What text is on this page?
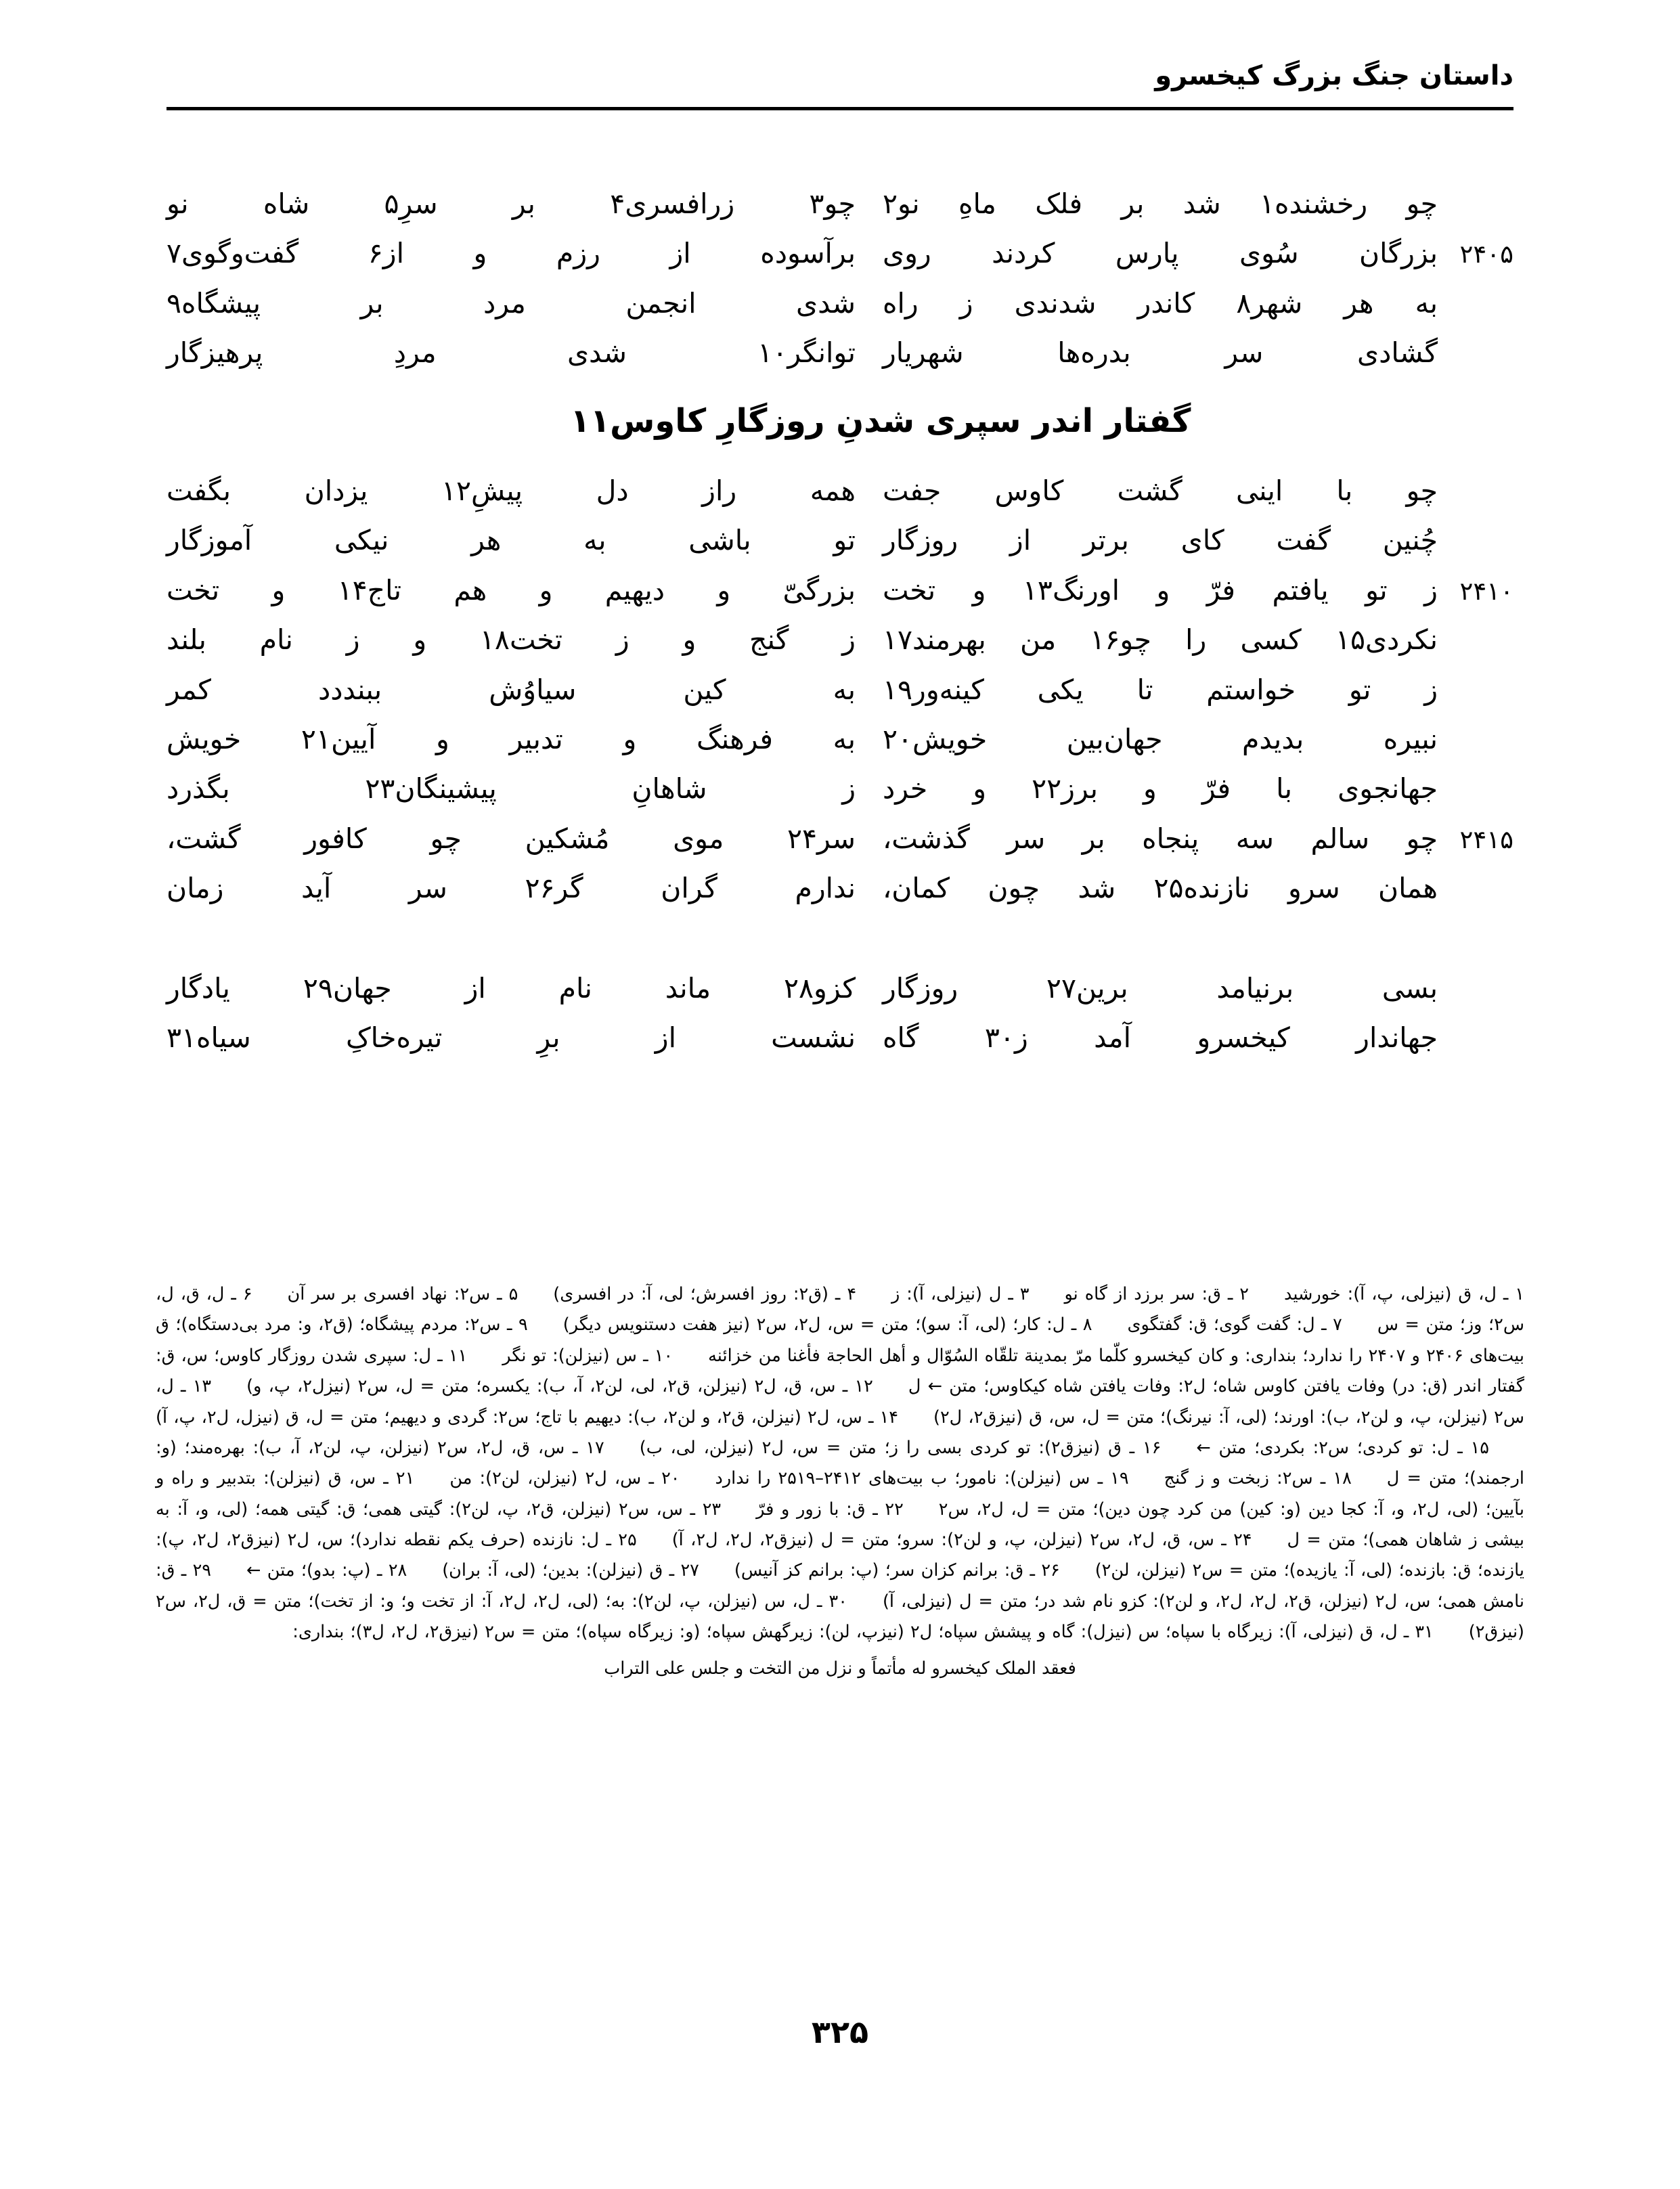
داستان جنگ بزرگ کیخسرو
چو رخشنده۱ شد بر فلک ماهِ نو۲
چو۳ زرافسری۴ بر سرِ۵ شاه نو
۲۴۰۵
بزرگان سُوی پارس کردند روی
برآسوده از رزم و از۶ گفت‌وگوی۷
به هر شهر۸ کاندر شدندی ز راه
شدی انجمن مرد بر پیشگاه۹
گشادی سر بدره‌ها شهریار
توانگر۱۰ شدی مردِ پرهیزگار
گفتار اندر سپری شدنِ روزگارِ کاوس۱۱
چو با اینی گشت کاوس جفت
همه راز دل پیشِ۱۲ یزدان بگفت
چُنین گفت کای برتر از روزگار
تو باشی به هر نیکی آموزگار
۲۴۱۰
ز تو یافتم فرّ و اورنگ۱۳ و تخت
بزرگیّ و دیهیم و هم تاج۱۴ و تخت
نکردی۱۵ کسی را چو۱۶ من بهرمند۱۷
ز گنج و ز تخت۱۸ و ز نام بلند
ز تو خواستم تا یکی کینه‌ور۱۹
به کین سیاوُش ببنددد کمر
نبیره بدیدم جهان‌بین خویش۲۰
به فرهنگ و تدبیر و آیین۲۱ خویش
جهانجوی با فرّ و برز۲۲ و خرد
ز شاهانِ پیشینگان۲۳ بگذرد
۲۴۱۵
چو سالم سه پنجاه بر سر گذشت،
سر۲۴ موی مُشکین چو کافور گشت،
همان سرو نازنده۲۵ شد چون کمان،
ندارم گران گر۲۶ سر آید زمان
بسی برنیامد برین۲۷ روزگار
کزو۲۸ ماند نام از جهان۲۹ یادگار
جهاندار کیخسرو آمد ز۳۰ گاه
نشست از برِ تیره‌خاکِ سیاه۳۱
۱ ـ ل، ق (نیزلی، پ، آ): خورشید ۲ ـ ق: سر برزد از گاه نو ۳ ـ ل (نیزلی، آ): ز ۴ ـ (ق۲: روز افسرش؛ لی، آ: در افسری) ۵ ـ س۲: نهاد افسری بر سر آن ۶ ـ ل، ق، ل، س۲؛ وز؛ متن = س ۷ ـ ل: گفت گوی؛ ق: گفتگوی ۸ ـ ل: کار؛ (لی، آ: سو)؛ متن = س، ل۲، س۲ (نیز هفت دستنویس دیگر) ۹ ـ س۲: مردم پیشگاه؛ (ق۲، و: مرد بی‌دستگاه)؛ ق بیت‌های ۲۴۰۶ و ۲۴۰۷ را ندارد؛ بنداری: و کان کیخسرو کلّما مرّ بمدینة تلقّاه السُوّال و أهل الحاجة فأغنا من خزائنه ۱۰ ـ س (نیزلن): تو نگر ۱۱ ـ ل: سپری شدن روزگار کاوس؛ س، ق: گفتار اندر (ق: در) وفات یافتن کاوس شاه؛ ل۲: وفات یافتن شاه کیکاوس؛ متن ← ل ۱۲ ـ س، ق، ل۲ (نیزلن، ق۲، لی، لن۲، آ، ب): یکسره؛ متن = ل، س۲ (نیزل۲، پ، و) ۱۳ ـ ل، س۲ (نیزلن، پ، و لن۲، ب): اورند؛ (لی، آ: نیرنگ)؛ متن = ل، س، ق (نیزق۲، ل۲) ۱۴ ـ س، ل۲ (نیزلن، ق۲، و لن۲، ب): دیهیم با تاج؛ س۲: گردی و دیهیم؛ متن = ل، ق (نیزل، ل۲، پ، آ) ۱۵ ـ ل: تو کردی؛ س۲: بکردی؛ متن ← ۱۶ ـ ق (نیزق۲): تو کردی بسی را ز؛ متن = س، ل۲ (نیزلن، لی، ب) ۱۷ ـ س، ق، ل۲، س۲ (نیزلن، پ، لن۲، آ، ب): بهره‌مند؛ (و: ارجمند)؛ متن = ل ۱۸ ـ س۲: زبخت و ز گنج ۱۹ ـ س (نیزلن): نامور؛ ب بیت‌های ۲۴۱۲–۲۵۱۹ را ندارد ۲۰ ـ س، ل۲ (نیزلن، لن۲): من ۲۱ ـ س، ق (نیزلن): بتدبیر و راه و بآیین؛ (لی، ل۲، و، آ: کجا دین (و: کین) من کرد چون دین)؛ متن = ل، ل۲، س۲ ۲۲ ـ ق: با زور و فرّ ۲۳ ـ س، س۲ (نیزلن، ق۲، پ، لن۲): گیتی همی؛ ق: گیتی همه؛ (لی، و، آ: به بیشی ز شاهان همی)؛ متن = ل ۲۴ ـ س، ق، ل۲، س۲ (نیزلن، پ، و لن۲): سرو؛ متن = ل (نیزق۲، ل۲، ل۲، آ) ۲۵ ـ ل: نازنده (حرف یکم نقطه ندارد)؛ س، ل۲ (نیزق۲، ل۲، پ): یازنده؛ ق: بازنده؛ (لی، آ: یازیده)؛ متن = س۲ (نیزلن، لن۲) ۲۶ ـ ق: برانم کزان سر؛ (پ: برانم کز آنیس) ۲۷ ـ ق (نیزلن): بدین؛ (لی، آ: بران) ۲۸ ـ (پ: بدو)؛ متن ← ۲۹ ـ ق: نامش همی؛ س، ل۲ (نیزلن، ق۲، ل۲، ل۲، و لن۲): کزو نام شد در؛ متن = ل (نیزلی، آ) ۳۰ ـ ل، س (نیزلن، پ، لن۲): به؛ (لی، ل۲، ل۲، آ: از تخت و؛ و: از تخت)؛ متن = ق، ل۲، س۲ (نیزق۲) ۳۱ ـ ل، ق (نیزلی، آ): زیرگاه با سپاه؛ س (نیزل): گاه و پیشش سپاه؛ ل۲ (نیزپ، لن): زیرگهش سپاه؛ (و: زیرگاه سپاه)؛ متن = س۲ (نیزق۲، ل۲، ل۳)؛ بنداری:
فعقد الملک کیخسرو له مأتماً و نزل من التخت و جلس علی التراب
۳۲۵
